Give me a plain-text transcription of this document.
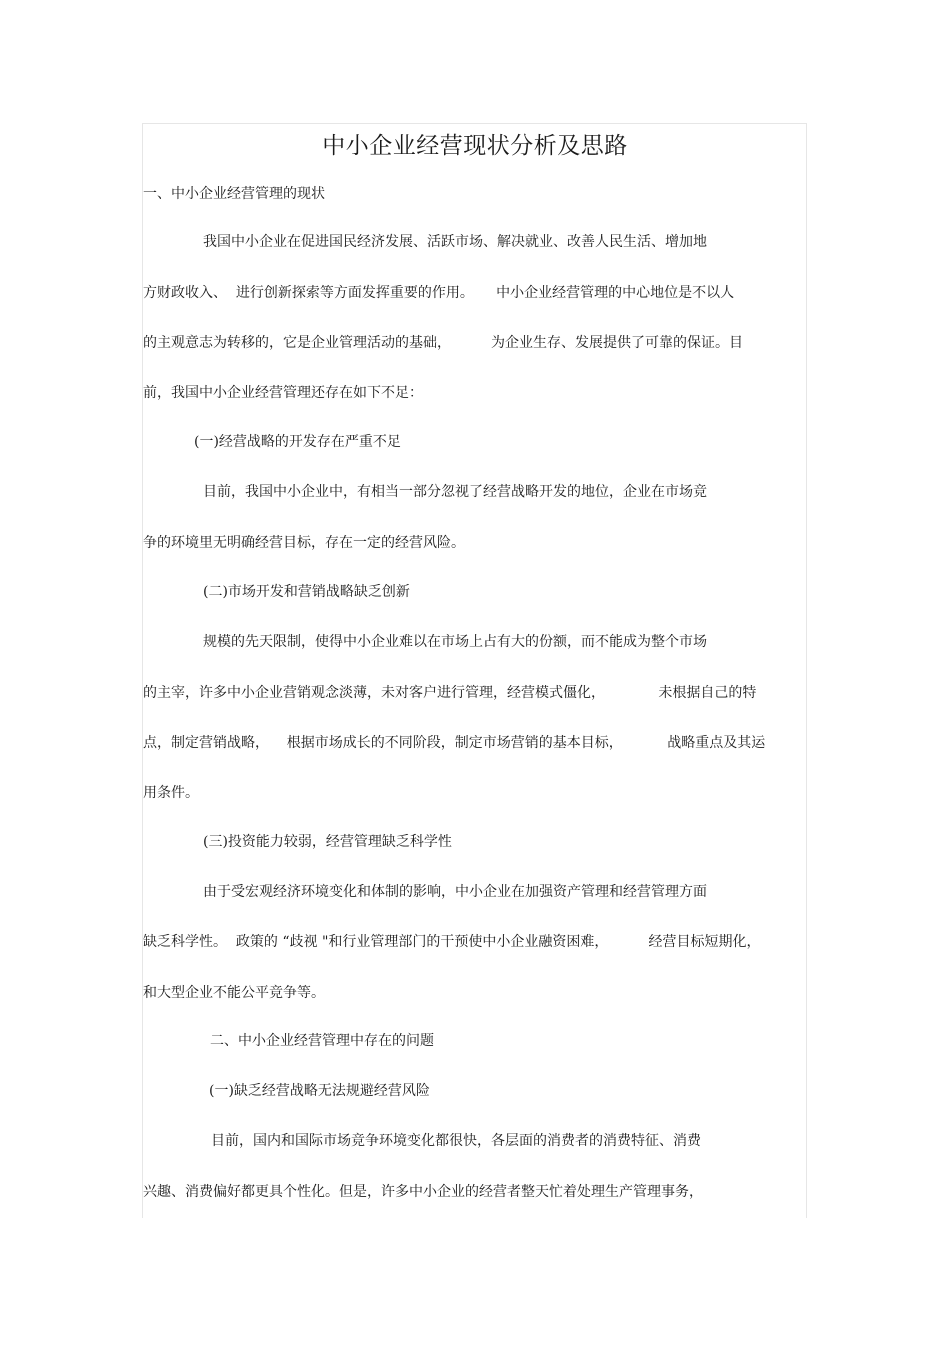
中小企业经营现状分析及思路
一、中小企业经营管理的现状
我国中小企业在促进国民经济发展、活跃市场、解决就业、改善人民生活、增加地
方财政收入、  进行创新探索等方面发挥重要的作用。     中小企业经营管理的中心地位是不以人
的主观意志为转移的，它是企业管理活动的基础，         为企业生存、发展提供了可靠的保证。目
前，我国中小企业经营管理还存在如下不足：
(一)经营战略的开发存在严重不足
目前，我国中小企业中，有相当一部分忽视了经营战略开发的地位，企业在市场竞
争的环境里无明确经营目标，存在一定的经营风险。
(二)市场开发和营销战略缺乏创新
规模的先天限制，使得中小企业难以在市场上占有大的份额，而不能成为整个市场
的主宰，许多中小企业营销观念淡薄，未对客户进行管理，经营模式僵化，            未根据自己的特
点，制定营销战略，    根据市场成长的不同阶段，制定市场营销的基本目标，          战略重点及其运
用条件。
(三)投资能力较弱，经营管理缺乏科学性
由于受宏观经济环境变化和体制的影响，中小企业在加强资产管理和经营管理方面
缺乏科学性。  政策的 “歧视 "和行业管理部门的干预使中小企业融资困难，         经营目标短期化，
和大型企业不能公平竞争等。
二、中小企业经营管理中存在的问题
(一)缺乏经营战略无法规避经营风险
目前，国内和国际市场竞争环境变化都很快，各层面的消费者的消费特征、消费
兴趣、消费偏好都更具个性化。但是，许多中小企业的经营者整天忙着处理生产管理事务，
